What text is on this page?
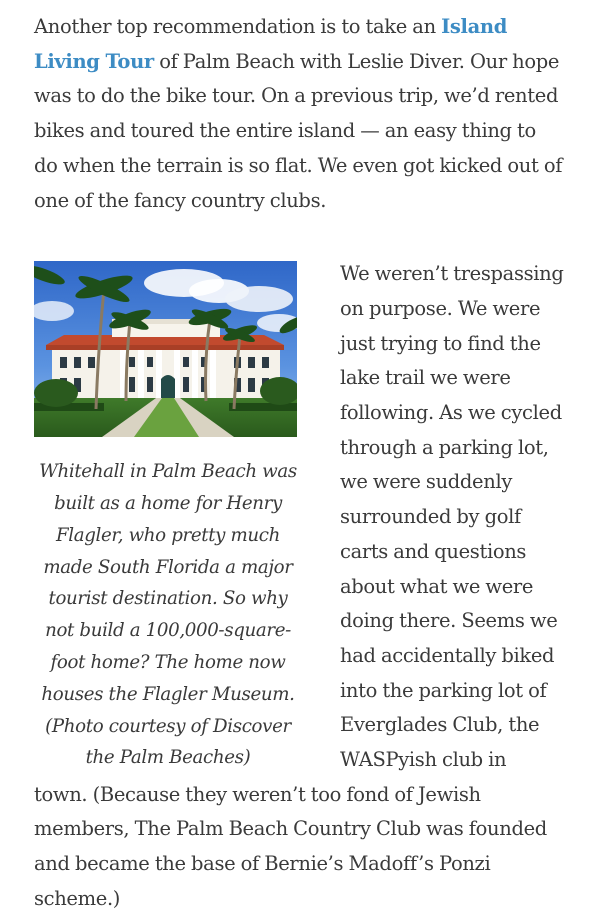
Another top recommendation is to take an Island Living Tour of Palm Beach with Leslie Diver. Our hope was to do the bike tour. On a previous trip, we’d rented bikes and toured the entire island — an easy thing to do when the terrain is so flat. We even got kicked out of one of the fancy country clubs.

Whitehall in Palm Beach was built as a home for Henry Flagler, who pretty much made South Florida a major tourist destination. So why not build a 100,000-square-foot home? The home now houses the Flagler Museum. (Photo courtesy of Discover the Palm Beaches)

We weren’t trespassing on purpose. We were just trying to find the lake trail we were following. As we cycled through a parking lot, we were suddenly surrounded by golf carts and questions about what we were doing there. Seems we had accidentally biked into the parking lot of Everglades Club, the WASPyish club in town. (Because they weren’t too fond of Jewish members, The Palm Beach Country Club was founded and became the base of Bernie’s Madoff’s Ponzi scheme.)
